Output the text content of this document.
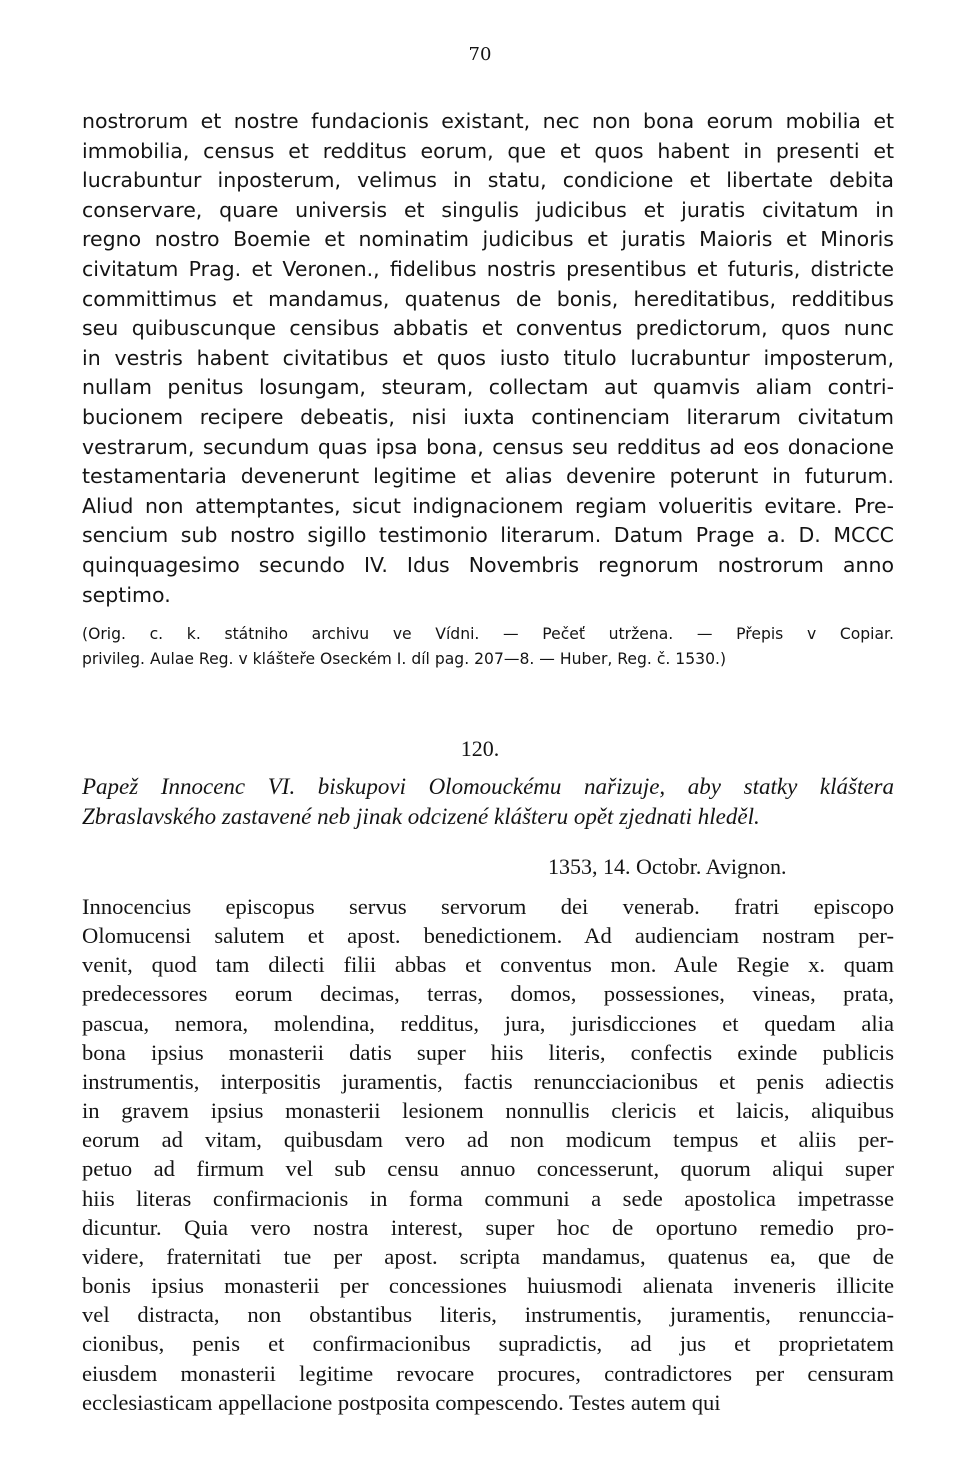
70
nostrorum et nostre fundacionis existant, nec non bona eorum mobilia et
immobilia, census et redditus eorum, que et quos habent in presenti et
lucrabuntur inposterum, velimus in statu, condicione et libertate debita
conservare, quare universis et singulis judicibus et juratis civitatum in
regno nostro Boemie et nominatim judicibus et juratis Maioris et Minoris
civitatum Prag. et Veronen., fidelibus nostris presentibus et futuris, districte
committimus et mandamus, quatenus de bonis, hereditatibus, redditibus
seu quibuscunque censibus abbatis et conventus predictorum, quos nunc
in vestris habent civitatibus et quos iusto titulo lucrabuntur imposterum,
nullam penitus losungam, steuram, collectam aut quamvis aliam contri-
bucionem recipere debeatis, nisi iuxta continenciam literarum civitatum
vestrarum, secundum quas ipsa bona, census seu redditus ad eos donacione
testamentaria devenerunt legitime et alias devenire poterunt in futurum.
Aliud non attemptantes, sicut indignacionem regiam volueritis evitare. Pre-
sencium sub nostro sigillo testimonio literarum. Datum Prage a. D. MCCC
quinquagesimo secundo IV. Idus Novembris regnorum nostrorum anno
septimo.
(Orig. c. k. státniho archivu ve Vídni. — Pečeť utržena. — Přepis v Copiar.
privileg. Aulae Reg. v klášteře Oseckém I. díl pag. 207—8. — Huber, Reg. č. 1530.)
120.
Papež Innocenc VI. biskupovi Olomouckému nařizuje, aby statky kláštera
Zbraslavského zastavené neb jinak odcizené klášteru opět zjednati hleděl.
1353, 14. Octobr. Avignon.
Innocencius episcopus servus servorum dei venerab. fratri episcopo
Olomucensi salutem et apost. benedictionem. Ad audienciam nostram per-
venit, quod tam dilecti filii abbas et conventus mon. Aule Regie x. quam
predecessores eorum decimas, terras, domos, possessiones, vineas, prata,
pascua, nemora, molendina, redditus, jura, jurisdicciones et quedam alia
bona ipsius monasterii datis super hiis literis, confectis exinde publicis
instrumentis, interpositis juramentis, factis renuncciacionibus et penis adiectis
in gravem ipsius monasterii lesionem nonnullis clericis et laicis, aliquibus
eorum ad vitam, quibusdam vero ad non modicum tempus et aliis per-
petuo ad firmum vel sub censu annuo concesserunt, quorum aliqui super
hiis literas confirmacionis in forma communi a sede apostolica impetrasse
dicuntur. Quia vero nostra interest, super hoc de oportuno remedio pro-
videre, fraternitati tue per apost. scripta mandamus, quatenus ea, que de
bonis ipsius monasterii per concessiones huiusmodi alienata inveneris illicite
vel distracta, non obstantibus literis, instrumentis, juramentis, renunccia-
cionibus, penis et confirmacionibus supradictis, ad jus et proprietatem
eiusdem monasterii legitime revocare procures, contradictores per censuram
ecclesiasticam appellacione postposita compescendo. Testes autem qui
